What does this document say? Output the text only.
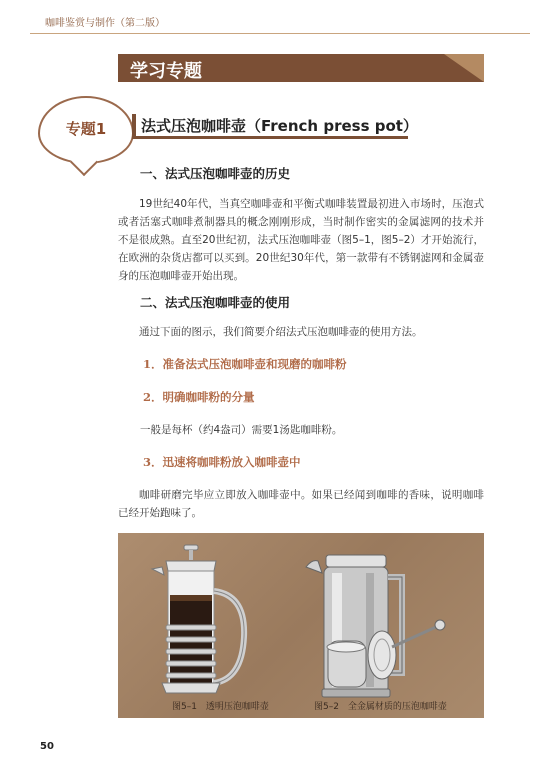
咖啡鉴赏与制作（第二版）
学习专题
专题1	法式压泡咖啡壶（French press pot）
一、法式压泡咖啡壶的历史
19世纪40年代，当真空咖啡壶和平衡式咖啡装置最初进入市场时，压泡式或者活塞式咖啡煮制器具的概念刚刚形成，当时制作密实的金属滤网的技术并不是很成熟。直至20世纪初，法式压泡咖啡壶（图5–1，图5–2）才开始流行，在欧洲的杂货店都可以买到。20世纪30年代，第一款带有不锈钢滤网和金属壶身的压泡咖啡壶开始出现。
二、法式压泡咖啡壶的使用
通过下面的图示，我们简要介绍法式压泡咖啡壶的使用方法。
1．准备法式压泡咖啡壶和现磨的咖啡粉
2．明确咖啡粉的分量
一般是每杯（约4盎司）需要1汤匙咖啡粉。
3．迅速将咖啡粉放入咖啡壶中
咖啡研磨完毕应立即放入咖啡壶中。如果已经闻到咖啡的香味，说明咖啡已经开始跑味了。
图5–1 透明压泡咖啡壶	图5–2 全金属材质的压泡咖啡壶
50
